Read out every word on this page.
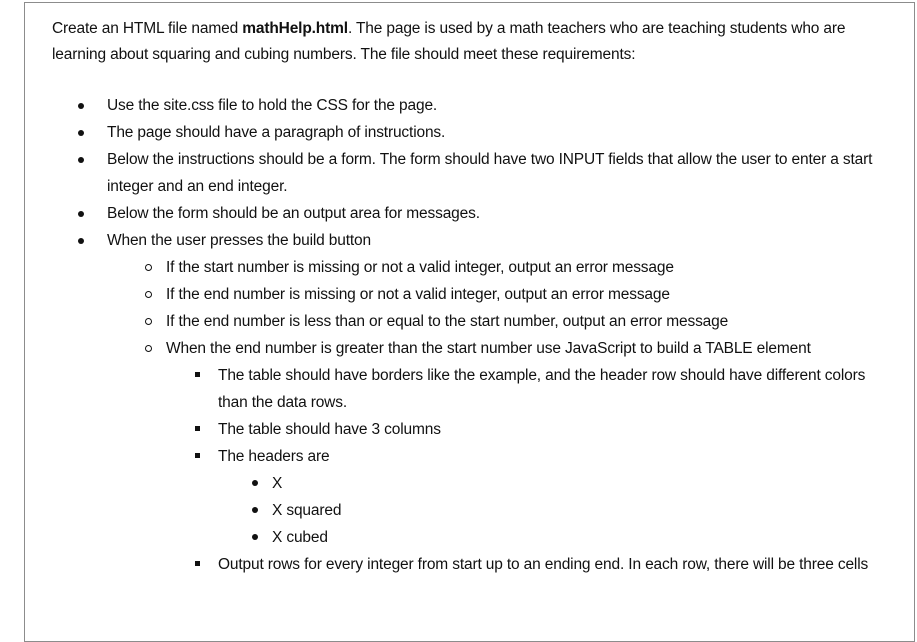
Create an HTML file named mathHelp.html. The page is used by a math teachers who are teaching students who are learning about squaring and cubing numbers. The file should meet these requirements:

Use the site.css file to hold the CSS for the page.
The page should have a paragraph of instructions.
Below the instructions should be a form. The form should have two INPUT fields that allow the user to enter a start integer and an end integer.
Below the form should be an output area for messages.
When the user presses the build button
If the start number is missing or not a valid integer, output an error message
If the end number is missing or not a valid integer, output an error message
If the end number is less than or equal to the start number, output an error message
When the end number is greater than the start number use JavaScript to build a TABLE element
The table should have borders like the example, and the header row should have different colors than the data rows.
The table should have 3 columns
The headers are
X
X squared
X cubed
Output rows for every integer from start up to an ending end. In each row, there will be three cells
